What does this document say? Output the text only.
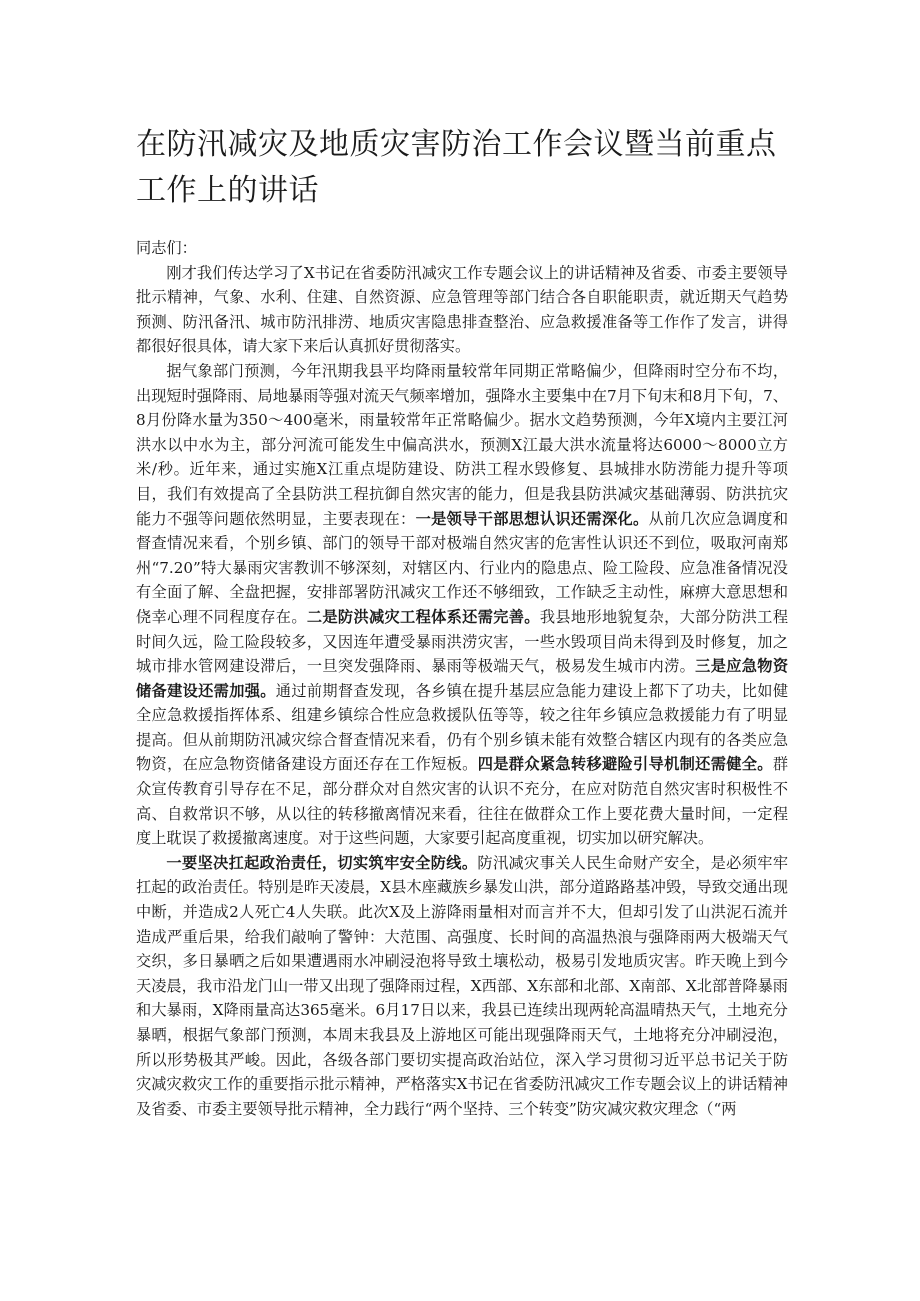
在防汛减灾及地质灾害防治工作会议暨当前重点工作上的讲话

同志们：

刚才我们传达学习了X书记在省委防汛减灾工作专题会议上的讲话精神及省委、市委主要领导批示精神，气象、水利、住建、自然资源、应急管理等部门结合各自职能职责，就近期天气趋势预测、防汛备汛、城市防汛排涝、地质灾害隐患排查整治、应急救援准备等工作作了发言，讲得都很好很具体，请大家下来后认真抓好贯彻落实。

据气象部门预测，今年汛期我县平均降雨量较常年同期正常略偏少，但降雨时空分布不均，出现短时强降雨、局地暴雨等强对流天气频率增加，强降水主要集中在7月下旬末和8月下旬，7、8月份降水量为350～400毫米，雨量较常年正常略偏少。据水文趋势预测，今年X境内主要江河洪水以中水为主，部分河流可能发生中偏高洪水，预测X江最大洪水流量将达6000～8000立方米/秒。近年来，通过实施X江重点堤防建设、防洪工程水毁修复、县城排水防涝能力提升等项目，我们有效提高了全县防洪工程抗御自然灾害的能力，但是我县防洪减灾基础薄弱、防洪抗灾能力不强等问题依然明显，主要表现在：一是领导干部思想认识还需深化。从前几次应急调度和督查情况来看，个别乡镇、部门的领导干部对极端自然灾害的危害性认识还不到位，吸取河南郑州“7.20”特大暴雨灾害教训不够深刻，对辖区内、行业内的隐患点、险工险段、应急准备情况没有全面了解、全盘把握，安排部署防汛减灾工作还不够细致，工作缺乏主动性，麻痹大意思想和侥幸心理不同程度存在。二是防洪减灾工程体系还需完善。我县地形地貌复杂，大部分防洪工程时间久远，险工险段较多，又因连年遭受暴雨洪涝灾害，一些水毁项目尚未得到及时修复，加之城市排水管网建设滞后，一旦突发强降雨、暴雨等极端天气，极易发生城市内涝。三是应急物资储备建设还需加强。通过前期督查发现，各乡镇在提升基层应急能力建设上都下了功夫，比如健全应急救援指挥体系、组建乡镇综合性应急救援队伍等等，较之往年乡镇应急救援能力有了明显提高。但从前期防汛减灾综合督查情况来看，仍有个别乡镇未能有效整合辖区内现有的各类应急物资，在应急物资储备建设方面还存在工作短板。四是群众紧急转移避险引导机制还需健全。群众宣传教育引导存在不足，部分群众对自然灾害的认识不充分，在应对防范自然灾害时积极性不高、自救常识不够，从以往的转移撤离情况来看，往往在做群众工作上要花费大量时间，一定程度上耽误了救援撤离速度。对于这些问题，大家要引起高度重视，切实加以研究解决。

一要坚决扛起政治责任，切实筑牢安全防线。防汛减灾事关人民生命财产安全，是必须牢牢扛起的政治责任。特别是昨天凌晨，X县木座藏族乡暴发山洪，部分道路路基冲毁，导致交通出现中断，并造成2人死亡4人失联。此次X及上游降雨量相对而言并不大，但却引发了山洪泥石流并造成严重后果，给我们敲响了警钟：大范围、高强度、长时间的高温热浪与强降雨两大极端天气交织，多日暴晒之后如果遭遇雨水冲刷浸泡将导致土壤松动，极易引发地质灾害。昨天晚上到今天凌晨，我市沿龙门山一带又出现了强降雨过程，X西部、X东部和北部、X南部、X北部普降暴雨和大暴雨，X降雨量高达365毫米。6月17日以来，我县已连续出现两轮高温晴热天气，土地充分暴晒，根据气象部门预测，本周末我县及上游地区可能出现强降雨天气，土地将充分冲刷浸泡，所以形势极其严峻。因此，各级各部门要切实提高政治站位，深入学习贯彻习近平总书记关于防灾减灾救灾工作的重要指示批示精神，严格落实X书记在省委防汛减灾工作专题会议上的讲话精神及省委、市委主要领导批示精神，全力践行“两个坚持、三个转变”防灾减灾救灾理念（“两
